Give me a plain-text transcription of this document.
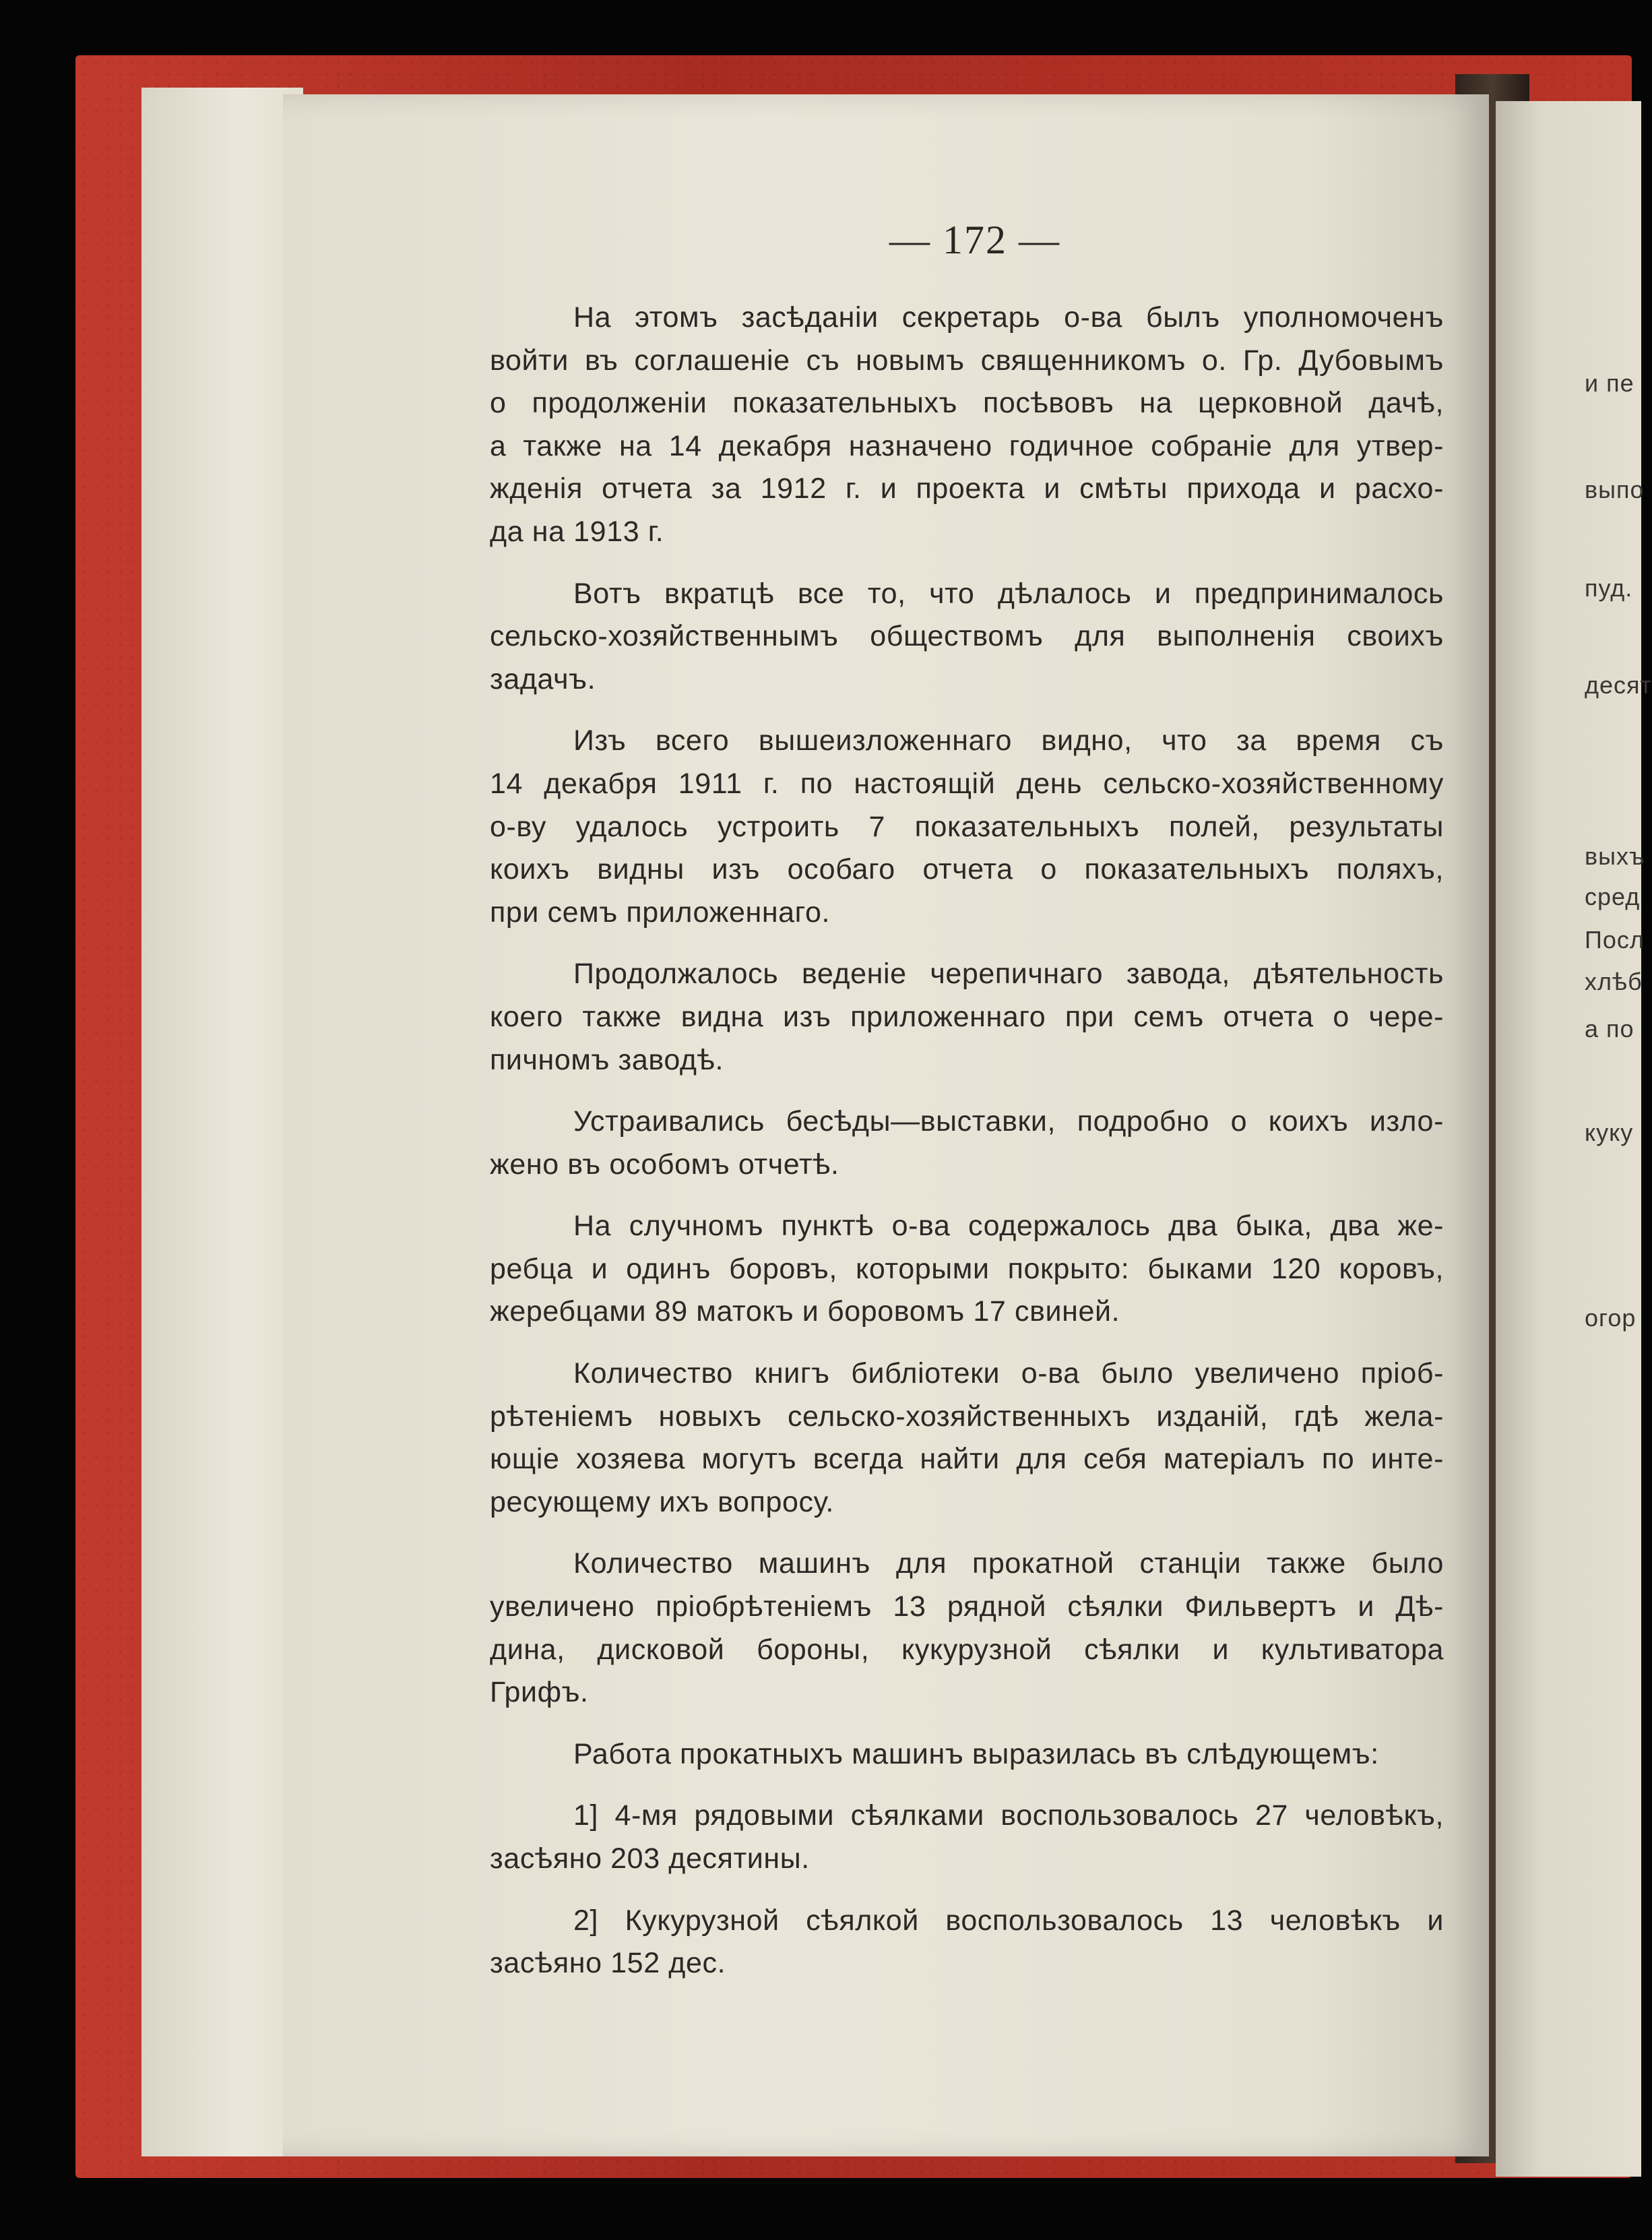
— 172 —
На этомъ засѣданіи секретарь о-ва былъ уполномоченъ
войти въ соглашеніе съ новымъ священникомъ о. Гр. Дубовымъ
о продолженіи показательныхъ посѣвовъ на церковной дачѣ,
а также на 14 декабря назначено годичное собраніе для утвер-
жденія отчета за 1912 г. и проекта и смѣты прихода и расхо-
да на 1913 г.
Вотъ вкратцѣ все то, что дѣлалось и предпринималось
сельско-хозяйственнымъ обществомъ для выполненія своихъ
задачъ.
Изъ всего вышеизложеннаго видно, что за время съ
14 декабря 1911 г. по настоящій день сельско-хозяйственному
о-ву удалось устроить 7 показательныхъ полей, результаты
коихъ видны изъ особаго отчета о показательныхъ поляхъ,
при семъ приложеннаго.
Продолжалось веденіе черепичнаго завода, дѣятельность
коего также видна изъ приложеннаго при семъ отчета о чере-
пичномъ заводѣ.
Устраивались бесѣды—выставки, подробно о коихъ изло-
жено въ особомъ отчетѣ.
На случномъ пунктѣ о-ва содержалось два быка, два же-
ребца и одинъ боровъ, которыми покрыто: быками 120 коровъ,
жеребцами 89 матокъ и боровомъ 17 свиней.
Количество книгъ библіотеки о-ва было увеличено пріоб-
рѣтеніемъ новыхъ сельско-хозяйственныхъ изданій, гдѣ жела-
ющіе хозяева могутъ всегда найти для себя матеріалъ по инте-
ресующему ихъ вопросу.
Количество машинъ для прокатной станціи также было
увеличено пріобрѣтеніемъ 13 рядной сѣялки Фильвертъ и Дѣ-
дина, дисковой бороны, кукурузной сѣялки и культиватора
Грифъ.
Работа прокатныхъ машинъ выразилась въ слѣдующемъ:
1] 4-мя рядовыми сѣялками воспользовалось 27 человѣкъ,
засѣяно 203 десятины.
2] Кукурузной сѣялкой воспользовалось 13 человѣкъ и
засѣяно 152 дес.
и пе
выпо
пуд.
десят
выхъ
сред
Посл
хлѣб
а по
куку
огор
